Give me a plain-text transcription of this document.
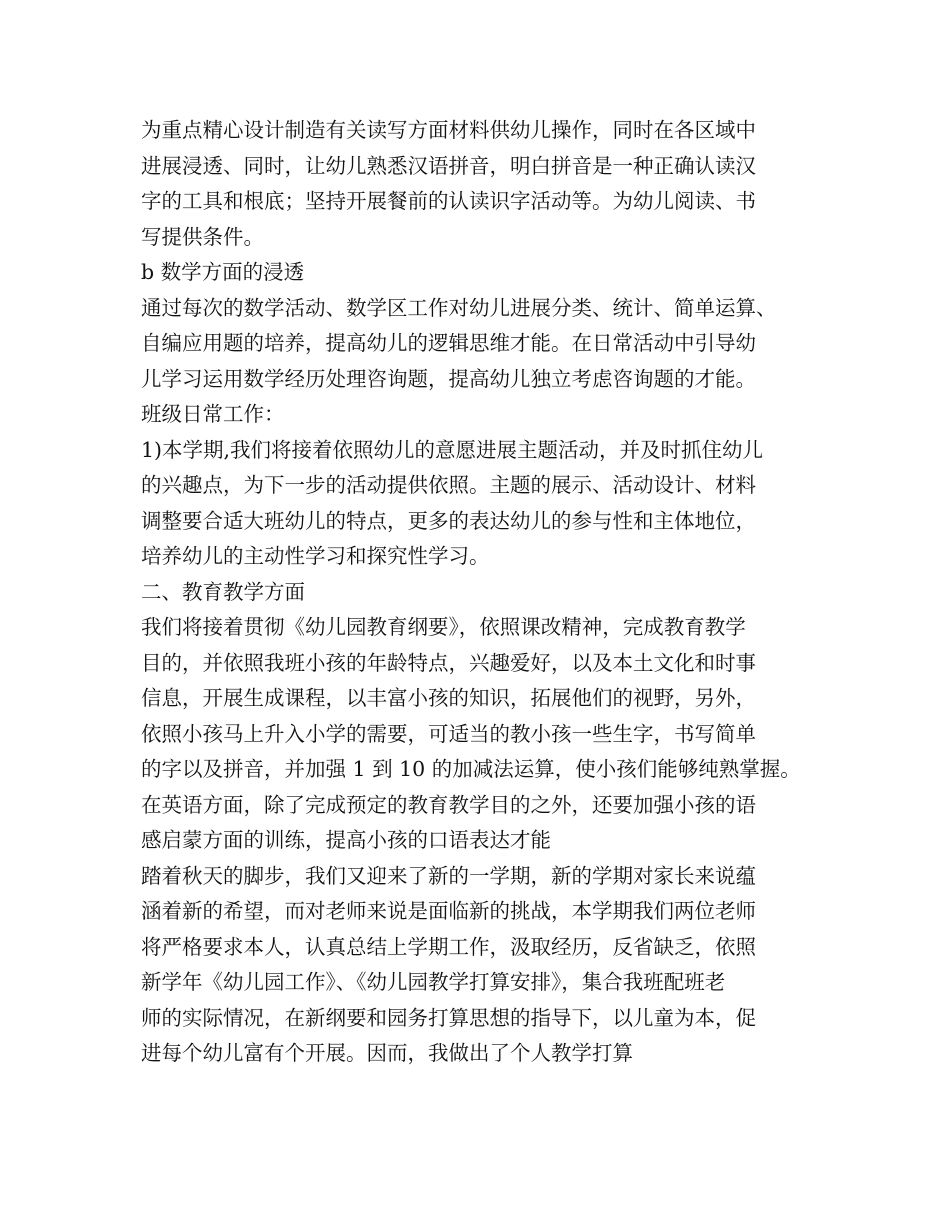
为重点精心设计制造有关读写方面材料供幼儿操作，同时在各区域中
进展浸透、同时，让幼儿熟悉汉语拼音，明白拼音是一种正确认读汉
字的工具和根底；坚持开展餐前的认读识字活动等。为幼儿阅读、书
写提供条件。
b 数学方面的浸透
通过每次的数学活动、数学区工作对幼儿进展分类、统计、简单运算、
自编应用题的培养，提高幼儿的逻辑思维才能。在日常活动中引导幼
儿学习运用数学经历处理咨询题，提高幼儿独立考虑咨询题的才能。
班级日常工作：
1)本学期,我们将接着依照幼儿的意愿进展主题活动，并及时抓住幼儿
的兴趣点，为下一步的活动提供依照。主题的展示、活动设计、材料
调整要合适大班幼儿的特点，更多的表达幼儿的参与性和主体地位，
培养幼儿的主动性学习和探究性学习。
二、教育教学方面
我们将接着贯彻《幼儿园教育纲要》，依照课改精神，完成教育教学
目的，并依照我班小孩的年龄特点，兴趣爱好，以及本土文化和时事
信息，开展生成课程，以丰富小孩的知识，拓展他们的视野，另外，
依照小孩马上升入小学的需要，可适当的教小孩一些生字，书写简单
的字以及拼音，并加强 1 到 10 的加减法运算，使小孩们能够纯熟掌握。
在英语方面，除了完成预定的教育教学目的之外，还要加强小孩的语
感启蒙方面的训练，提高小孩的口语表达才能
踏着秋天的脚步，我们又迎来了新的一学期，新的学期对家长来说蕴
涵着新的希望，而对老师来说是面临新的挑战，本学期我们两位老师
将严格要求本人，认真总结上学期工作，汲取经历，反省缺乏，依照
新学年《幼儿园工作》、《幼儿园教学打算安排》，集合我班配班老
师的实际情况，在新纲要和园务打算思想的指导下，以儿童为本，促
进每个幼儿富有个开展。因而，我做出了个人教学打算
